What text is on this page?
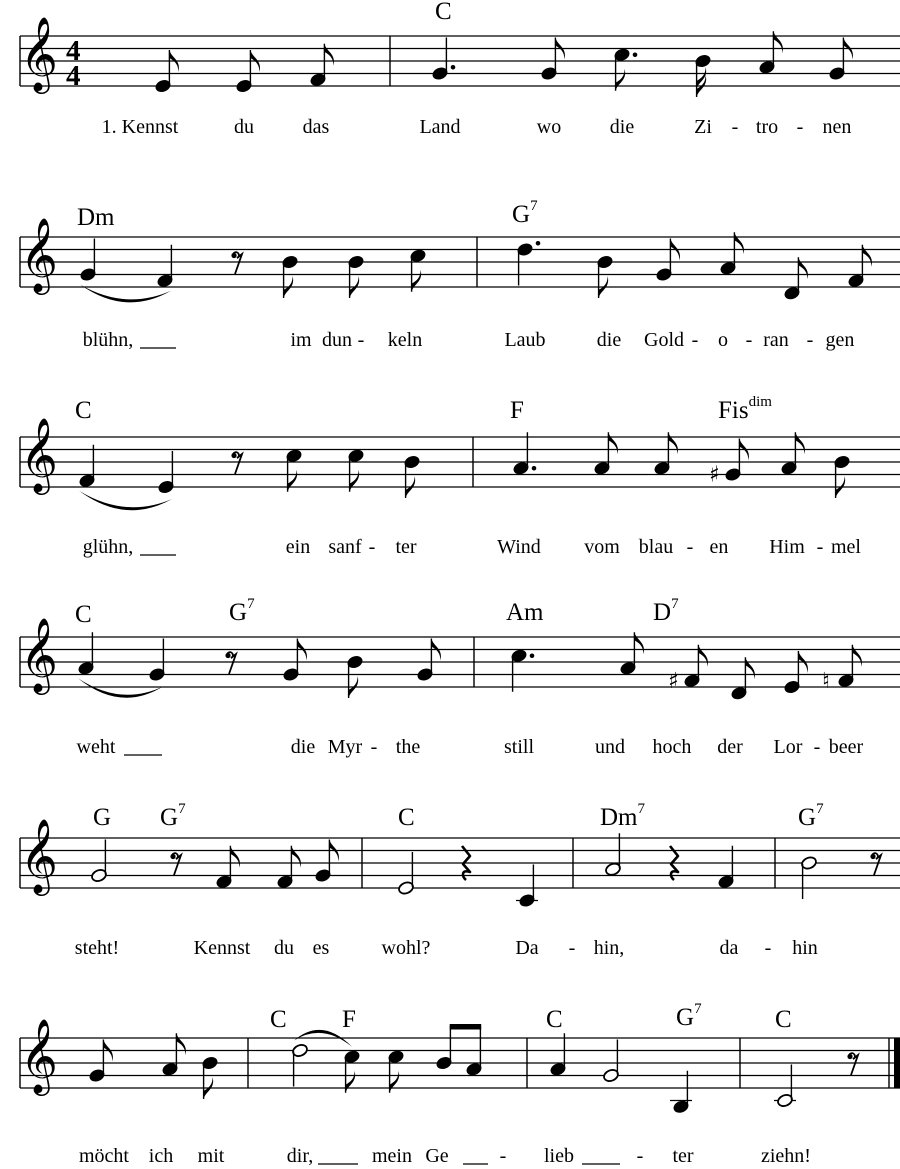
𝄞 4
4
C
1. Kennst	du das	Land	wo die	Zi - tro - nen
𝄞
Dm	$G^7$
blühn,	im dun - keln	Laub	die Gold - o - ran - gen
𝄞	♯
C	F	Fis$^{dim}$
glühn,	ein sanf - ter	Wind vom blau - en Him - mel
𝄞	♯	♮
C	$G^7$	Am	$D^7$
weht	die Myr - the	still	und hoch der Lor - beer
𝄞
G $G^7$	C	Dm$^7$	$G^7$
steht!	Kennst du es	wohl?	Da - hin,	da - hin
𝄞	C F	C	$G^7$	C
möcht ich mit	dir,	mein Ge	- lieb	- ter	ziehn!
